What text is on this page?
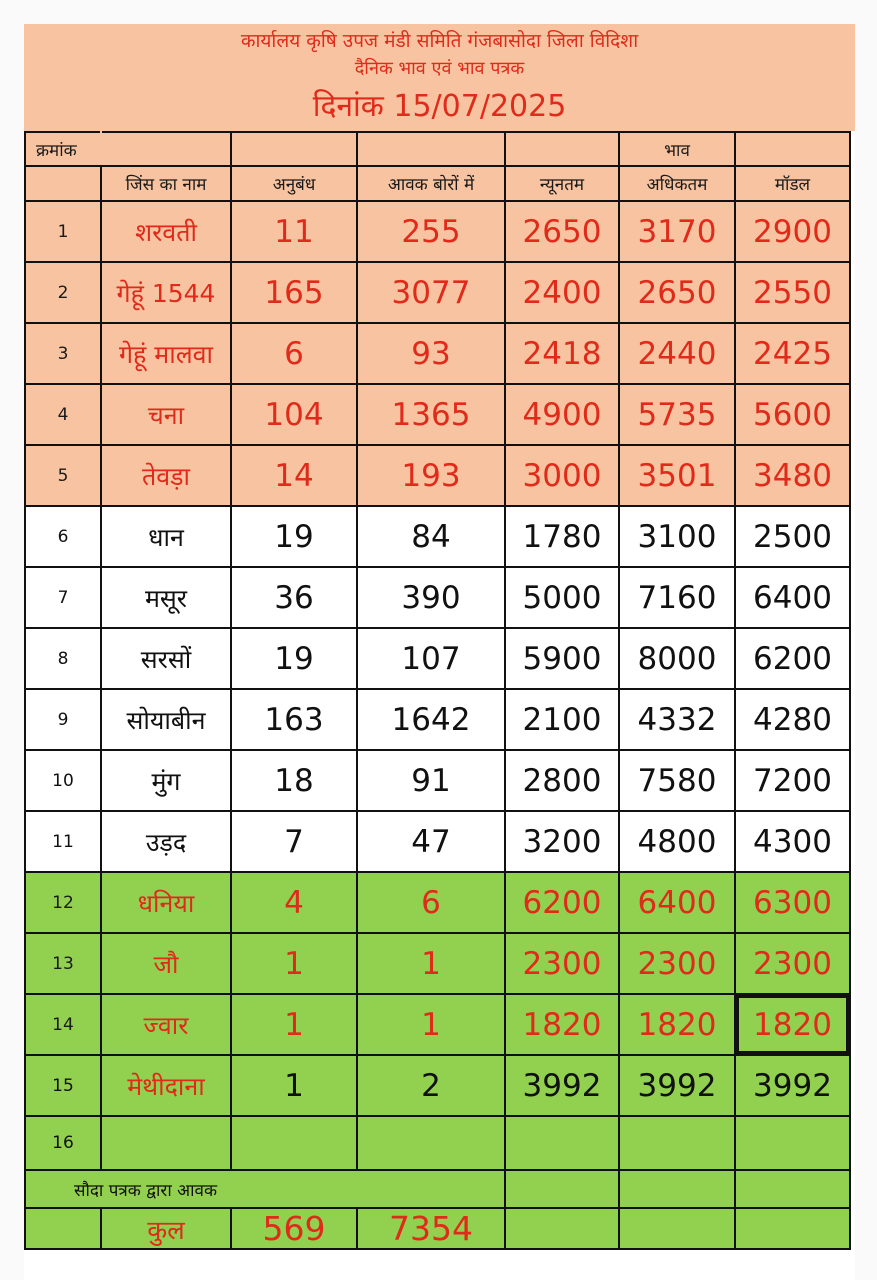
कार्यालय कृषि उपज मंडी समिति गंजबासोदा जिला विदिशा
दैनिक भाव एवं भाव पत्रक
दिनांक 15/07/2025
क्रमांक					भाव	
	जिंस का नाम	अनुबंध	आवक बोरों में	न्यूनतम	अधिकतम	मॉडल
1	शरवती	11	255	2650	3170	2900
2	गेहूं 1544	165	3077	2400	2650	2550
3	गेहूं मालवा	6	93	2418	2440	2425
4	चना	104	1365	4900	5735	5600
5	तेवड़ा	14	193	3000	3501	3480
6	धान	19	84	1780	3100	2500
7	मसूर	36	390	5000	7160	6400
8	सरसों	19	107	5900	8000	6200
9	सोयाबीन	163	1642	2100	4332	4280
10	मुंग	18	91	2800	7580	7200
11	उड़द	7	47	3200	4800	4300
12	धनिया	4	6	6200	6400	6300
13	जौ	1	1	2300	2300	2300
14	ज्वार	1	1	1820	1820	1820
15	मेथीदाना	1	2	3992	3992	3992
16						
सौदा पत्रक द्वारा आवक						
	कुल	569	7354			
